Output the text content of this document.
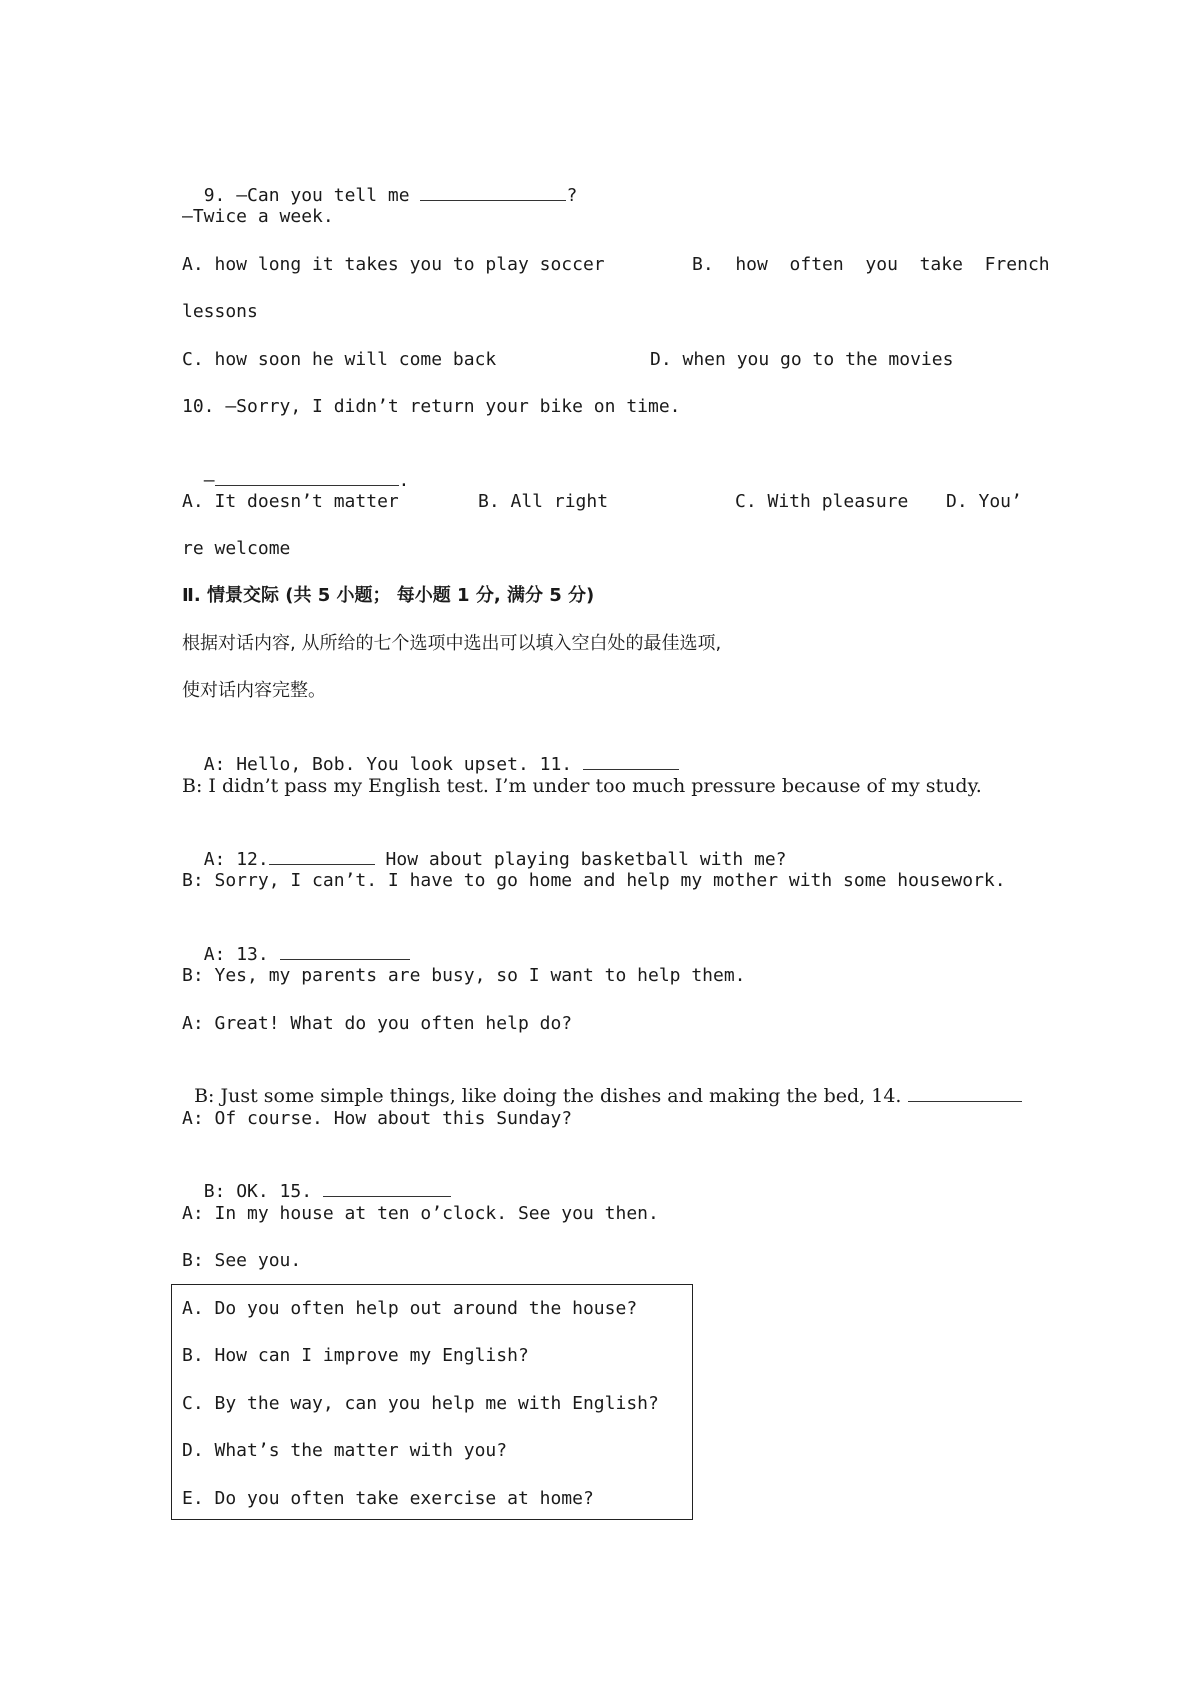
9. —Can you tell me	?

—Twice a week.
A. how long it takes you to play soccer	B.  how  often  you  take  French
lessons
C. how soon he will come back	D. when you go to the movies
10. —Sorry, I didn’t return your bike on time.

—	.

A. It doesn’t matter	B. All right	C. With pleasure D. You’
re welcome
Ⅱ. 情景交际 (共 5 小题； 每小题 1 分, 满分 5 分)
根据对话内容, 从所给的七个选项中选出可以填入空白处的最佳选项,
使对话内容完整。

A: Hello, Bob. You look upset. 11.

B: I didn’t pass my English test. I’m under too much pressure because of my study.

A: 12.	How about playing basketball with me?

B: Sorry, I can’t. I have to go home and help my mother with some housework.

A: 13.

B: Yes, my parents are busy, so I want to help them.
A: Great! What do you often help do?

B: Just some simple things, like doing the dishes and making the bed, 14.

A: Of course. How about this Sunday?

B: OK. 15.

A: In my house at ten o’clock. See you then.
B: See you.
A. Do you often help out around the house?
B. How can I improve my English?
C. By the way, can you help me with English?
D. What’s the matter with you?
E. Do you often take exercise at home?
